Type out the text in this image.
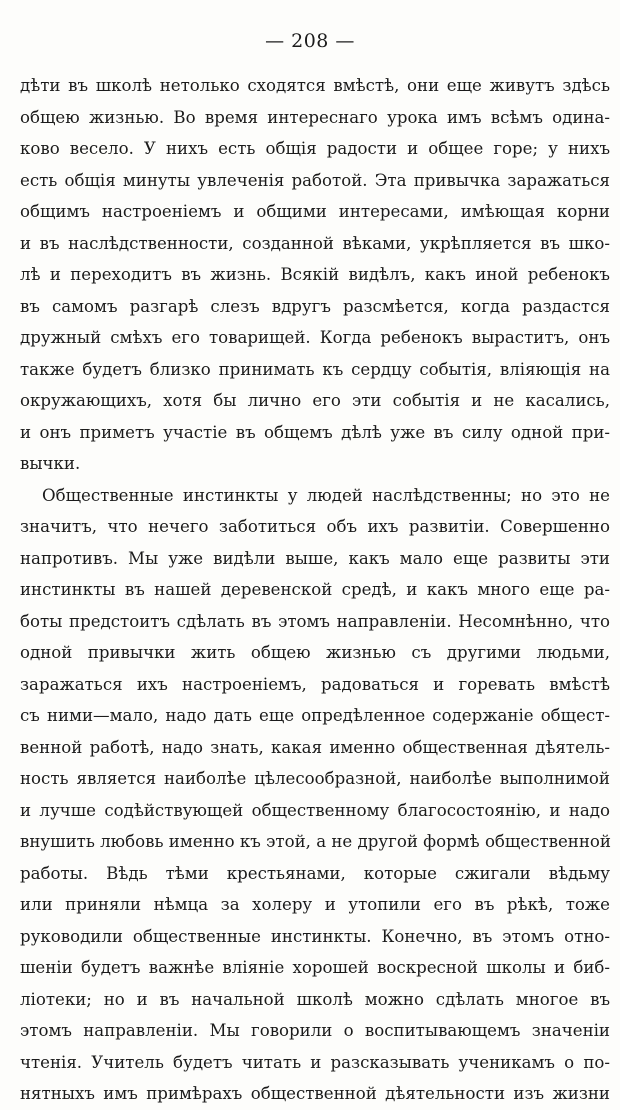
— 208 —
дѣти въ школѣ нетолько сходятся вмѣстѣ, они еще живутъ здѣсь
общею жизнью. Во время интереснаго урока имъ всѣмъ одина-
ково весело. У нихъ есть общія радости и общее горе; у нихъ
есть общія минуты увлеченія работой. Эта привычка заражаться
общимъ настроеніемъ и общими интересами, имѣющая корни
и въ наслѣдственности, созданной вѣками, укрѣпляется въ шко-
лѣ и переходитъ въ жизнь. Всякій видѣлъ, какъ иной ребенокъ
въ самомъ разгарѣ слезъ вдругъ разсмѣется, когда раздастся
дружный смѣхъ его товарищей. Когда ребенокъ выраститъ, онъ
также будетъ близко принимать къ сердцу событія, вліяющія на
окружающихъ, хотя бы лично его эти событія и не касались,
и онъ приметъ участіе въ общемъ дѣлѣ уже въ силу одной при-
вычки.
Общественные инстинкты у людей наслѣдственны; но это не
значитъ, что нечего заботиться объ ихъ развитіи. Совершенно
напротивъ. Мы уже видѣли выше, какъ мало еще развиты эти
инстинкты въ нашей деревенской средѣ, и какъ много еще ра-
боты предстоитъ сдѣлать въ этомъ направленіи. Несомнѣнно, что
одной привычки жить общею жизнью съ другими людьми,
заражаться ихъ настроеніемъ, радоваться и горевать вмѣстѣ
съ ними—мало, надо дать еще опредѣленное содержаніе общест-
венной работѣ, надо знать, какая именно общественная дѣятель-
ность является наиболѣе цѣлесообразной, наиболѣе выполнимой
и лучше содѣйствующей общественному благосостоянію, и надо
внушить любовь именно къ этой, а не другой формѣ общественной
работы. Вѣдь тѣми крестьянами, которые сжигали вѣдьму
или приняли нѣмца за холеру и утопили его въ рѣкѣ, тоже
руководили общественные инстинкты. Конечно, въ этомъ отно-
шеніи будетъ важнѣе вліяніе хорошей воскресной школы и биб-
ліотеки; но и въ начальной школѣ можно сдѣлать многое въ
этомъ направленіи. Мы говорили о воспитывающемъ значеніи
чтенія. Учитель будетъ читать и разсказывать ученикамъ о по-
нятныхъ имъ примѣрахъ общественной дѣятельности изъ жизни
